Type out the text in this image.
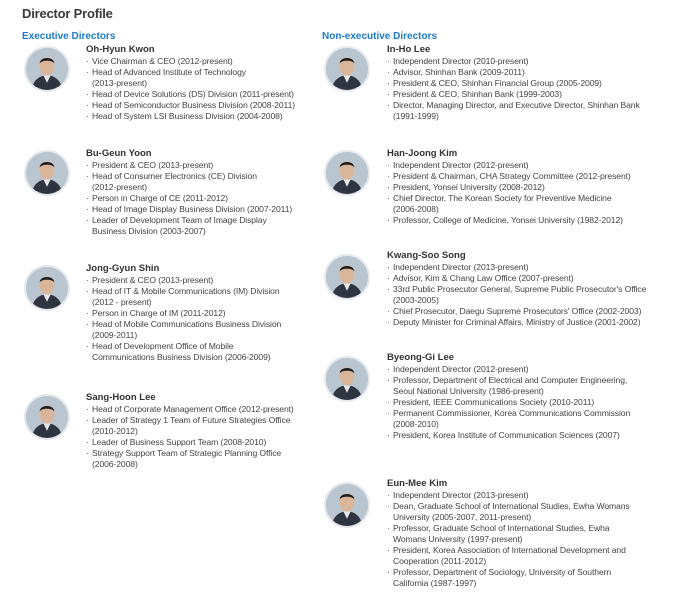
Director Profile
Executive Directors	Non-executive Directors
Oh-Hyun Kwon
· Vice Chairman & CEO (2012-present)
· Head of Advanced Institute of Technology
(2013-present)
· Head of Device Solutions (DS) Division (2011-present)
· Head of Semiconductor Business Division (2008-2011)
· Head of System LSI Business Division (2004-2008)
Bu-Geun Yoon
· President & CEO (2013-present)
· Head of Consumer Electronics (CE) Division
(2012-present)
· Person in Charge of CE (2011-2012)
· Head of Image Display Business Division (2007-2011)
· Leader of Development Team of Image Display
Business Division (2003-2007)
Jong-Gyun Shin
· President & CEO (2013-present)
· Head of IT & Mobile Communications (IM) Division
(2012 - present)
· Person in Charge of IM (2011-2012)
· Head of Mobile Communications Business Division
(2009-2011)
· Head of Development Office of Mobile
Communications Business Division (2006-2009)
Sang-Hoon Lee
· Head of Corporate Management Office (2012-present)
· Leader of Strategy 1 Team of Future Strategies Office
(2010-2012)
· Leader of Business Support Team (2008-2010)
· Strategy Support Team of Strategic Planning Office
(2006-2008)
In-Ho Lee
· Independent Director (2010-present)
· Advisor, Shinhan Bank (2009-2011)
· President & CEO, Shinhan Financial Group (2005-2009)
· President & CEO, Shinhan Bank (1999-2003)
· Director, Managing Director, and Executive Director, Shinhan Bank
(1991-1999)
Han-Joong Kim
· Independent Director (2012-present)
· President & Chairman, CHA Strategy Committee (2012-present)
· President, Yonsei University (2008-2012)
· Chief Director, The Korean Society for Preventive Medicine
(2006-2008)
· Professor, College of Medicine, Yonsei University (1982-2012)
Kwang-Soo Song
· Independent Director (2013-present)
· Advisor, Kim & Chang Law Office (2007-present)
· 33rd Public Prosecutor General, Supreme Public Prosecutor's Office
(2003-2005)
· Chief Prosecutor, Daegu Supreme Prosecutors' Office (2002-2003)
· Deputy Minister for Criminal Affairs, Ministry of Justice (2001-2002)
Byeong-Gi Lee
· Independent Director (2012-present)
· Professor, Department of Electrical and Computer Engineering,
Seoul National University (1986-present)
· President, IEEE Communications Society (2010-2011)
· Permanent Commissioner, Korea Communications Commission
(2008-2010)
· President, Korea Institute of Communication Sciences (2007)
Eun-Mee Kim
· Independent Director (2013-present)
· Dean, Graduate School of International Studies, Ewha Womans
University (2005-2007, 2011-present)
· Professor, Graduate School of International Studies, Ewha
Womans University (1997-present)
· President, Korea Association of International Development and
Cooperation (2011-2012)
· Professor, Department of Sociology, University of Southern
California (1987-1997)
